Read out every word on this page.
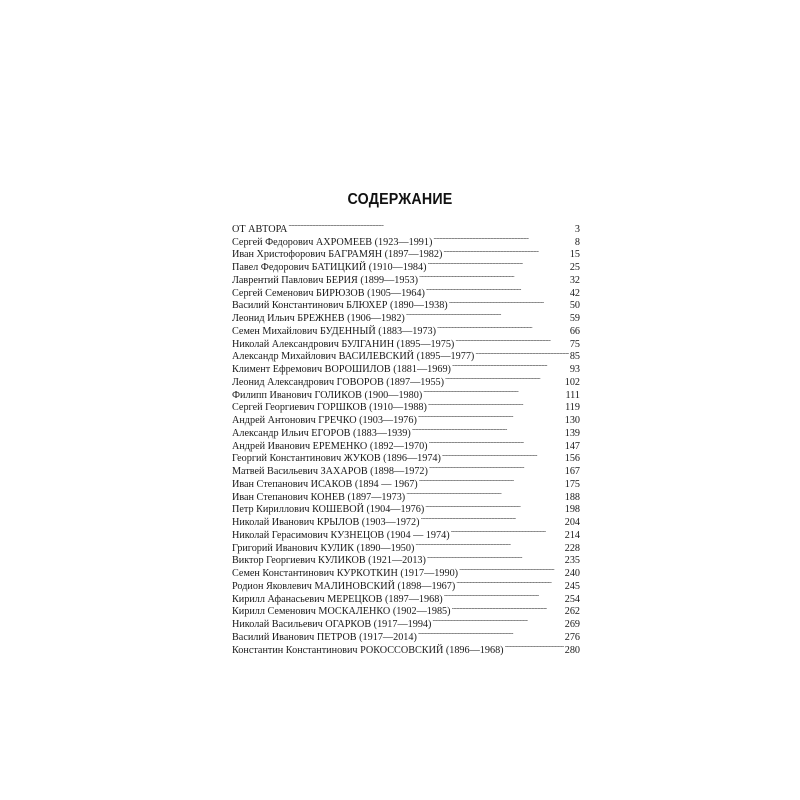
СОДЕРЖАНИЕ
ОТ АВТОРА . . .	3
Сергей Федорович АХРОМЕЕВ (1923—1991) . . .	8
Иван Христофорович БАГРАМЯН (1897—1982) . . .	15
Павел Федорович БАТИЦКИЙ (1910—1984) . . .	25
Лаврентий Павлович БЕРИЯ (1899—1953) . . .	32
Сергей Семенович БИРЮЗОВ (1905—1964) . . .	42
Василий Константинович БЛЮХЕР (1890—1938) . . .	50
Леонид Ильич БРЕЖНЕВ (1906—1982) . . .	59
Семен Михайлович БУДЕННЫЙ (1883—1973) . . .	66
Николай Александрович БУЛГАНИН (1895—1975) . . .	75
Александр Михайлович ВАСИЛЕВСКИЙ (1895—1977) . . .	85
Климент Ефремович ВОРОШИЛОВ (1881—1969) . . .	93
Леонид Александрович ГОВОРОВ (1897—1955) . . .	102
Филипп Иванович ГОЛИКОВ (1900—1980) . . .	111
Сергей Георгиевич ГОРШКОВ (1910—1988) . . .	119
Андрей Антонович ГРЕЧКО (1903—1976) . . .	130
Александр Ильич ЕГОРОВ (1883—1939) . . .	139
Андрей Иванович ЕРЕМЕНКО (1892—1970) . . .	147
Георгий Константинович ЖУКОВ (1896—1974) . . .	156
Матвей Васильевич ЗАХАРОВ (1898—1972) . . .	167
Иван Степанович ИСАКОВ (1894 — 1967) . . .	175
Иван Степанович КОНЕВ (1897—1973) . . .	188
Петр Кириллович КОШЕВОЙ (1904—1976) . . .	198
Николай Иванович КРЫЛОВ (1903—1972) . . .	204
Николай Герасимович КУЗНЕЦОВ (1904 — 1974) . . .	214
Григорий Иванович КУЛИК (1890—1950) . . .	228
Виктор Георгиевич КУЛИКОВ (1921—2013) . . .	235
Семен Константинович КУРКОТКИН (1917—1990) . . .	240
Родион Яковлевич МАЛИНОВСКИЙ (1898—1967) . . .	245
Кирилл Афанасьевич МЕРЕЦКОВ (1897—1968) . . .	254
Кирилл Семенович МОСКАЛЕНКО (1902—1985) . . .	262
Николай Васильевич ОГАРКОВ (1917—1994) . . .	269
Василий Иванович ПЕТРОВ (1917—2014) . . .	276
Константин Константинович РОКОССОВСКИЙ (1896—1968) . . .	280
